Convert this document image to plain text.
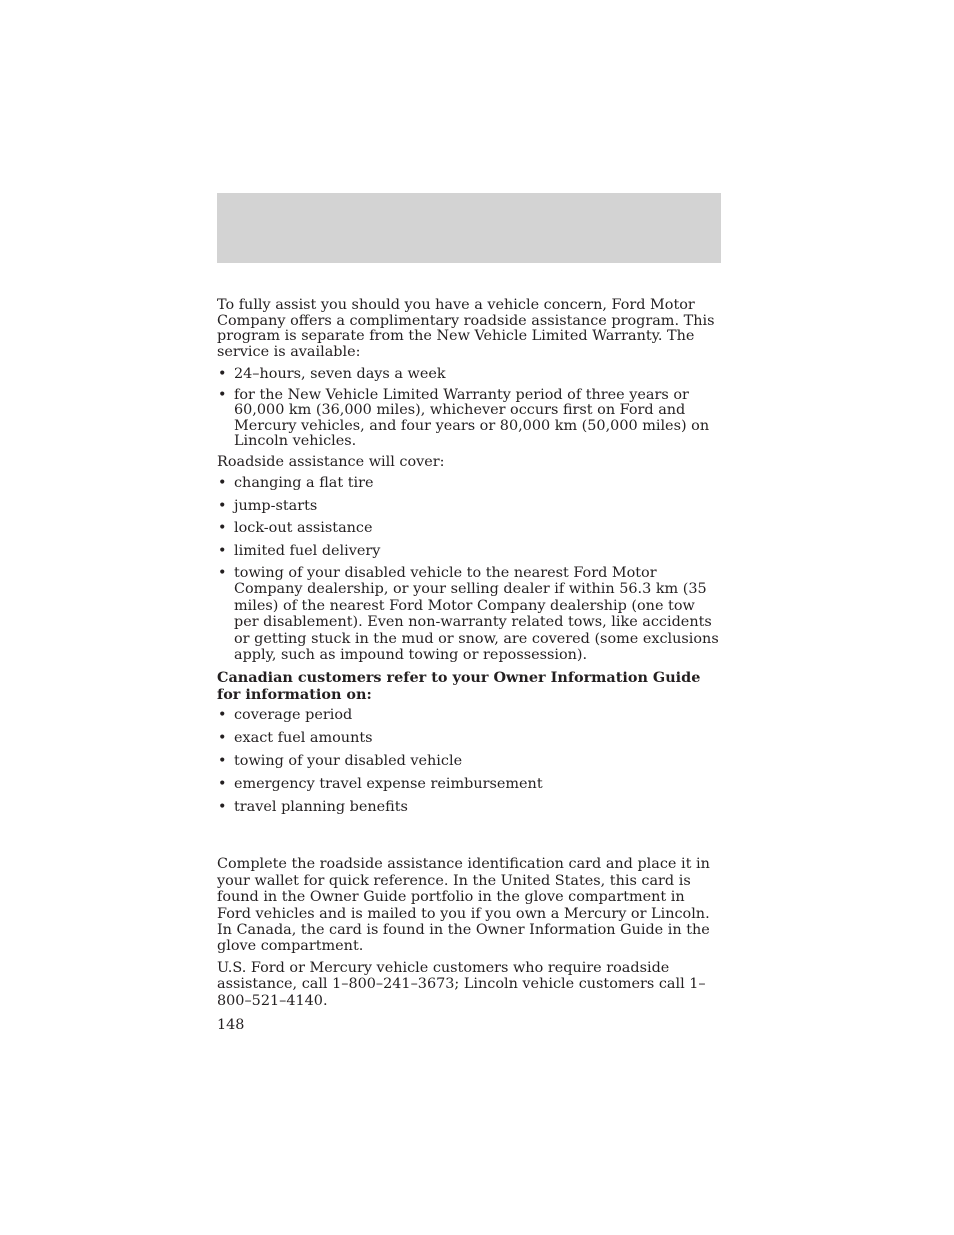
To fully assist you should you have a vehicle concern, Ford Motor Company offers a complimentary roadside assistance program. This program is separate from the New Vehicle Limited Warranty. The service is available:

• 24–hours, seven days a week
• for the New Vehicle Limited Warranty period of three years or 60,000 km (36,000 miles), whichever occurs first on Ford and Mercury vehicles, and four years or 80,000 km (50,000 miles) on Lincoln vehicles.

Roadside assistance will cover:

• changing a flat tire
• jump-starts
• lock-out assistance
• limited fuel delivery
• towing of your disabled vehicle to the nearest Ford Motor Company dealership, or your selling dealer if within 56.3 km (35 miles) of the nearest Ford Motor Company dealership (one tow per disablement). Even non-warranty related tows, like accidents or getting stuck in the mud or snow, are covered (some exclusions apply, such as impound towing or repossession).

Canadian customers refer to your Owner Information Guide for information on:

• coverage period
• exact fuel amounts
• towing of your disabled vehicle
• emergency travel expense reimbursement
• travel planning benefits

Complete the roadside assistance identification card and place it in your wallet for quick reference. In the United States, this card is found in the Owner Guide portfolio in the glove compartment in Ford vehicles and is mailed to you if you own a Mercury or Lincoln. In Canada, the card is found in the Owner Information Guide in the glove compartment.

U.S. Ford or Mercury vehicle customers who require roadside assistance, call 1–800–241–3673; Lincoln vehicle customers call 1–800–521–4140.

148
